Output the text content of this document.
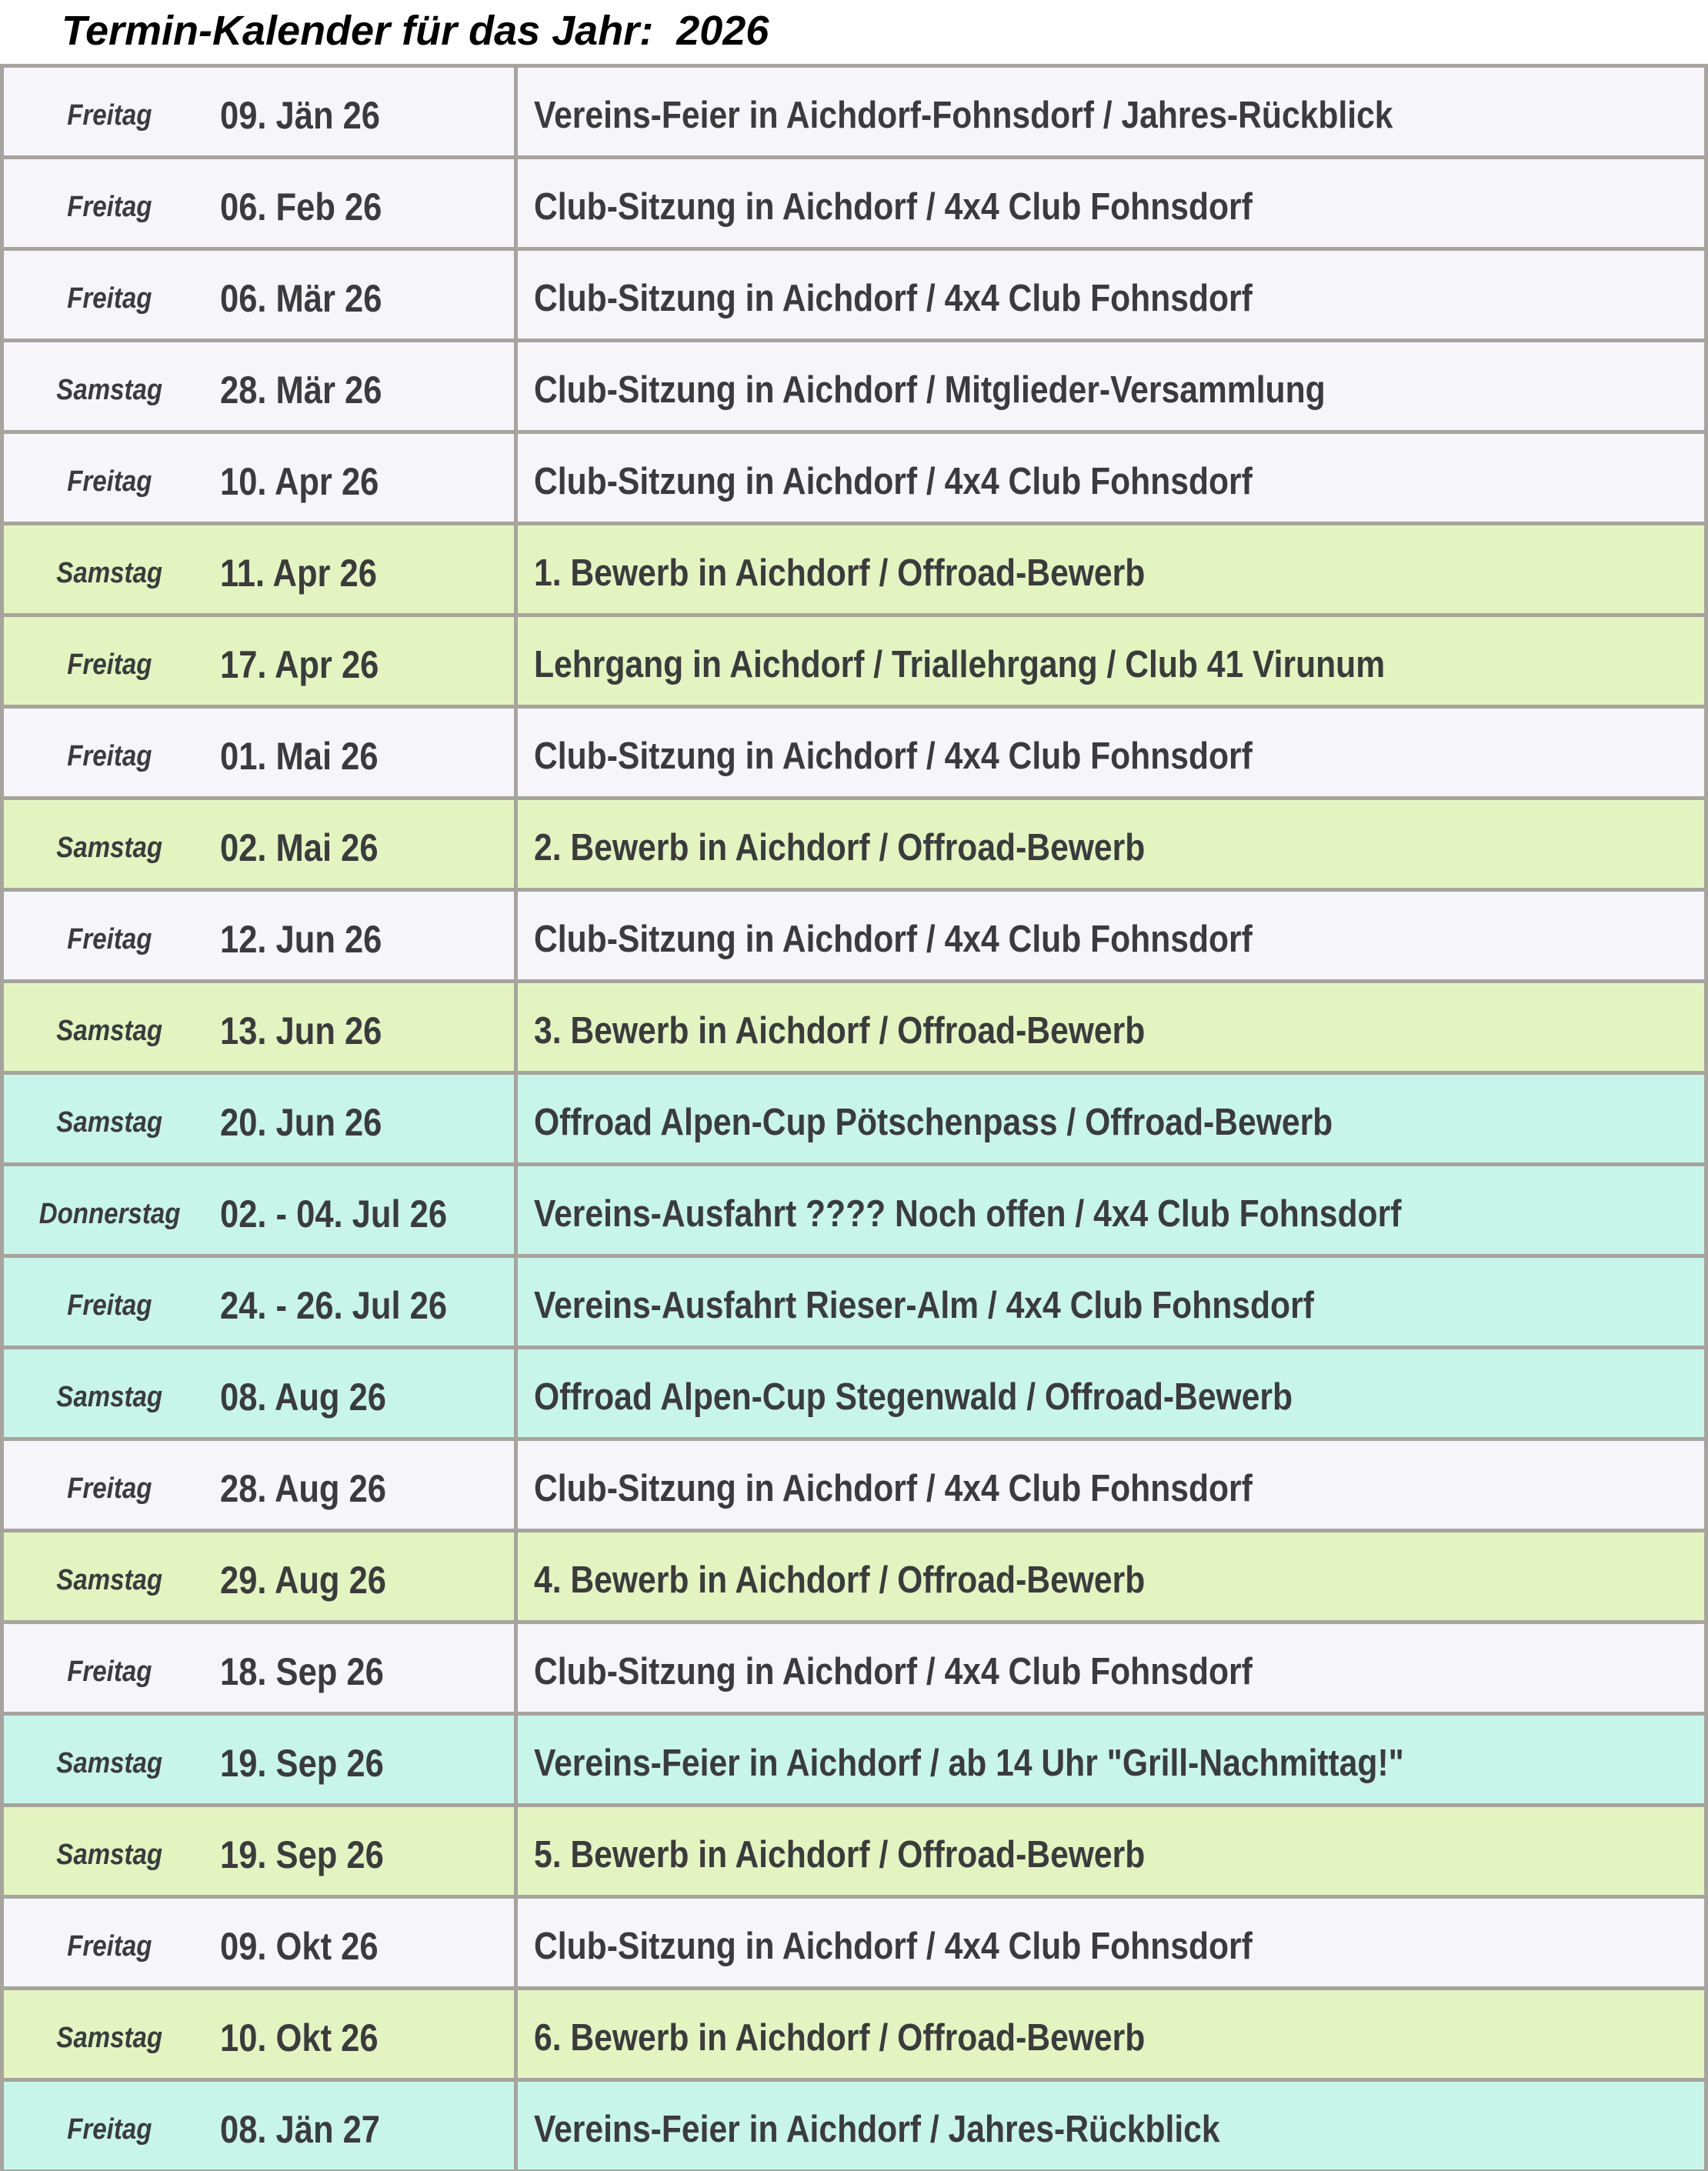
Termin-Kalender für das Jahr:  2026
Freitag	09. Jän 26	Vereins-Feier in Aichdorf-Fohnsdorf / Jahres-Rückblick
Freitag	06. Feb 26	Club-Sitzung in Aichdorf / 4x4 Club Fohnsdorf
Freitag	06. Mär 26	Club-Sitzung in Aichdorf / 4x4 Club Fohnsdorf
Samstag	28. Mär 26	Club-Sitzung in Aichdorf / Mitglieder-Versammlung
Freitag	10. Apr 26	Club-Sitzung in Aichdorf / 4x4 Club Fohnsdorf
Samstag	11. Apr 26	1. Bewerb in Aichdorf / Offroad-Bewerb
Freitag	17. Apr 26	Lehrgang in Aichdorf / Triallehrgang / Club 41 Virunum
Freitag	01. Mai 26	Club-Sitzung in Aichdorf / 4x4 Club Fohnsdorf
Samstag	02. Mai 26	2. Bewerb in Aichdorf / Offroad-Bewerb
Freitag	12. Jun 26	Club-Sitzung in Aichdorf / 4x4 Club Fohnsdorf
Samstag	13. Jun 26	3. Bewerb in Aichdorf / Offroad-Bewerb
Samstag	20. Jun 26	Offroad Alpen-Cup Pötschenpass / Offroad-Bewerb
Donnerstag	02. - 04. Jul 26	Vereins-Ausfahrt ???? Noch offen / 4x4 Club Fohnsdorf
Freitag	24. - 26. Jul 26	Vereins-Ausfahrt Rieser-Alm / 4x4 Club Fohnsdorf
Samstag	08. Aug 26	Offroad Alpen-Cup Stegenwald / Offroad-Bewerb
Freitag	28. Aug 26	Club-Sitzung in Aichdorf / 4x4 Club Fohnsdorf
Samstag	29. Aug 26	4. Bewerb in Aichdorf / Offroad-Bewerb
Freitag	18. Sep 26	Club-Sitzung in Aichdorf / 4x4 Club Fohnsdorf
Samstag	19. Sep 26	Vereins-Feier in Aichdorf / ab 14 Uhr "Grill-Nachmittag!"
Samstag	19. Sep 26	5. Bewerb in Aichdorf / Offroad-Bewerb
Freitag	09. Okt 26	Club-Sitzung in Aichdorf / 4x4 Club Fohnsdorf
Samstag	10. Okt 26	6. Bewerb in Aichdorf / Offroad-Bewerb
Freitag	08. Jän 27	Vereins-Feier in Aichdorf / Jahres-Rückblick
